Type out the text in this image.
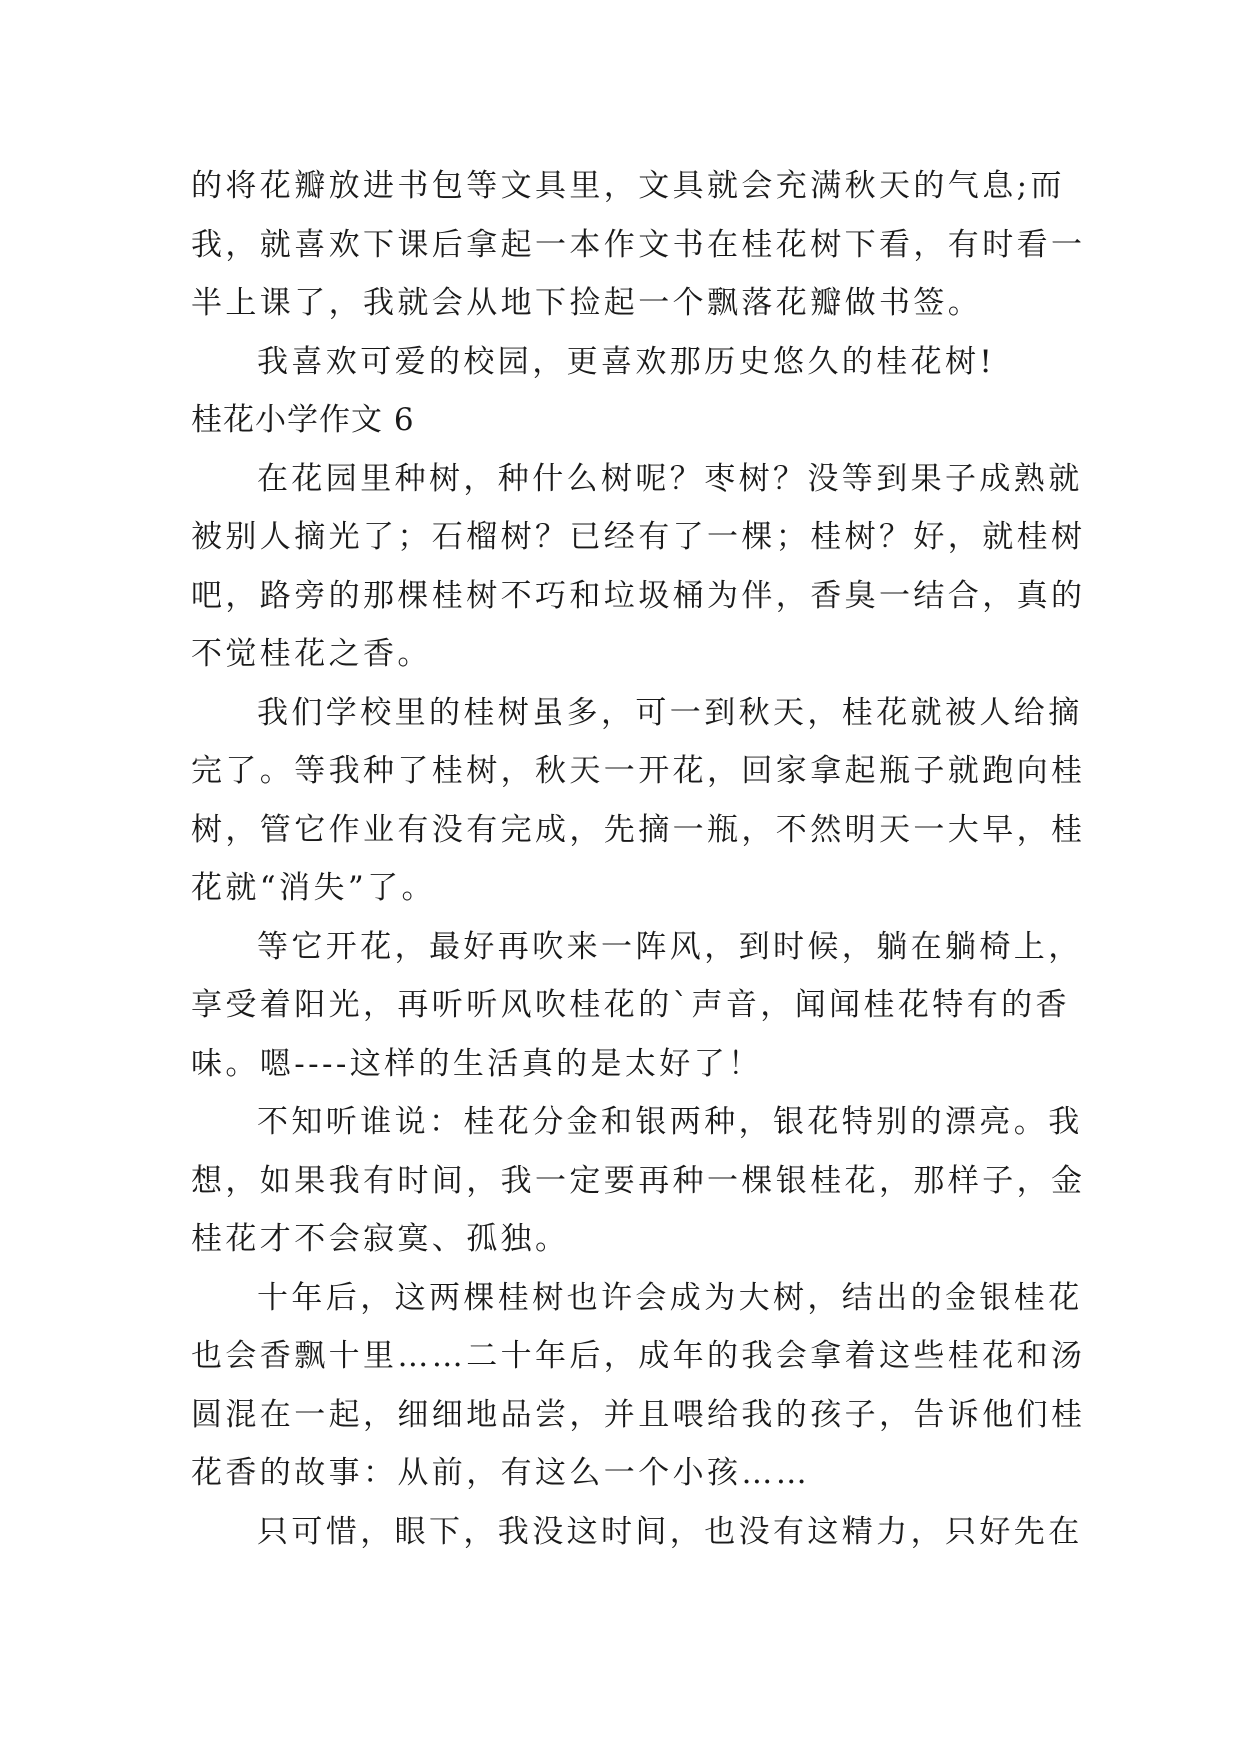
的将花瓣放进书包等文具里，文具就会充满秋天的气息;而
我，就喜欢下课后拿起一本作文书在桂花树下看，有时看一
半上课了，我就会从地下捡起一个飘落花瓣做书签。
我喜欢可爱的校园，更喜欢那历史悠久的桂花树!
桂花小学作文 6
在花园里种树，种什么树呢？枣树？没等到果子成熟就
被别人摘光了；石榴树？已经有了一棵；桂树？好，就桂树
吧，路旁的那棵桂树不巧和垃圾桶为伴，香臭一结合，真的
不觉桂花之香。
我们学校里的桂树虽多，可一到秋天，桂花就被人给摘
完了。等我种了桂树，秋天一开花，回家拿起瓶子就跑向桂
树，管它作业有没有完成，先摘一瓶，不然明天一大早，桂
花就“消失”了。
等它开花，最好再吹来一阵风，到时候，躺在躺椅上，
享受着阳光，再听听风吹桂花的`声音，闻闻桂花特有的香
味。嗯----这样的生活真的是太好了！
不知听谁说：桂花分金和银两种，银花特别的漂亮。我
想，如果我有时间，我一定要再种一棵银桂花，那样子，金
桂花才不会寂寞、孤独。
十年后，这两棵桂树也许会成为大树，结出的金银桂花
也会香飘十里……二十年后，成年的我会拿着这些桂花和汤
圆混在一起，细细地品尝，并且喂给我的孩子，告诉他们桂
花香的故事：从前，有这么一个小孩……
只可惜，眼下，我没这时间，也没有这精力，只好先在
